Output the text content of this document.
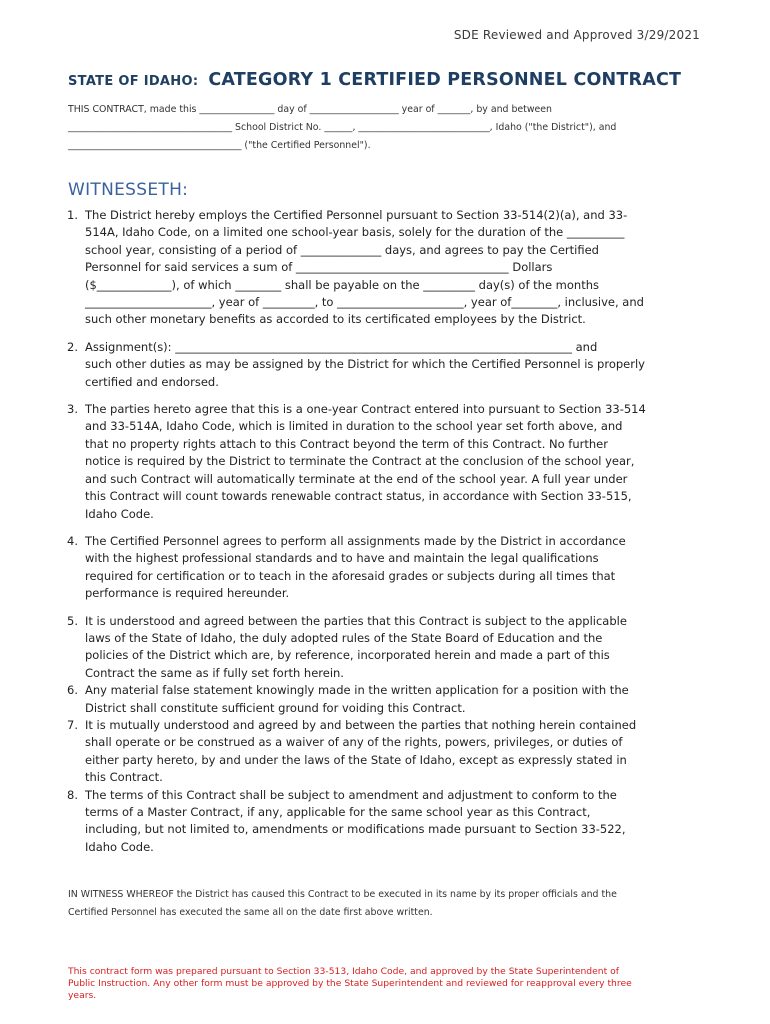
SDE Reviewed and Approved 3/29/2021
STATE OF IDAHO: CATEGORY 1 CERTIFIED PERSONNEL CONTRACT
THIS CONTRACT, made this ________________ day of ___________________ year of _______, by and between
___________________________________ School District No. ______, ____________________________, Idaho ("the District"), and
_____________________________________ ("the Certified Personnel").
WITNESSETH:
1. The District hereby employs the Certified Personnel pursuant to Section 33-514(2)(a), and 33-
514A, Idaho Code, on a limited one school-year basis, solely for the duration of the __________
school year, consisting of a period of ______________ days, and agrees to pay the Certified
Personnel for said services a sum of _____________________________________ Dollars
($_____________), of which ________ shall be payable on the _________ day(s) of the months
______________________, year of _________, to ______________________, year of________, inclusive, and
such other monetary benefits as accorded to its certificated employees by the District.
2. Assignment(s): _____________________________________________________________________ and
such other duties as may be assigned by the District for which the Certified Personnel is properly
certified and endorsed.
3. The parties hereto agree that this is a one-year Contract entered into pursuant to Section 33-514
and 33-514A, Idaho Code, which is limited in duration to the school year set forth above, and
that no property rights attach to this Contract beyond the term of this Contract. No further
notice is required by the District to terminate the Contract at the conclusion of the school year,
and such Contract will automatically terminate at the end of the school year. A full year under
this Contract will count towards renewable contract status, in accordance with Section 33-515,
Idaho Code.
4. The Certified Personnel agrees to perform all assignments made by the District in accordance
with the highest professional standards and to have and maintain the legal qualifications
required for certification or to teach in the aforesaid grades or subjects during all times that
performance is required hereunder.
5. It is understood and agreed between the parties that this Contract is subject to the applicable
laws of the State of Idaho, the duly adopted rules of the State Board of Education and the
policies of the District which are, by reference, incorporated herein and made a part of this
Contract the same as if fully set forth herein.
6. Any material false statement knowingly made in the written application for a position with the
District shall constitute sufficient ground for voiding this Contract.
7. It is mutually understood and agreed by and between the parties that nothing herein contained
shall operate or be construed as a waiver of any of the rights, powers, privileges, or duties of
either party hereto, by and under the laws of the State of Idaho, except as expressly stated in
this Contract.
8. The terms of this Contract shall be subject to amendment and adjustment to conform to the
terms of a Master Contract, if any, applicable for the same school year as this Contract,
including, but not limited to, amendments or modifications made pursuant to Section 33-522,
Idaho Code.
IN WITNESS WHEREOF the District has caused this Contract to be executed in its name by its proper officials and the
Certified Personnel has executed the same all on the date first above written.
This contract form was prepared pursuant to Section 33-513, Idaho Code, and approved by the State Superintendent of
Public Instruction. Any other form must be approved by the State Superintendent and reviewed for reapproval every three
years.
